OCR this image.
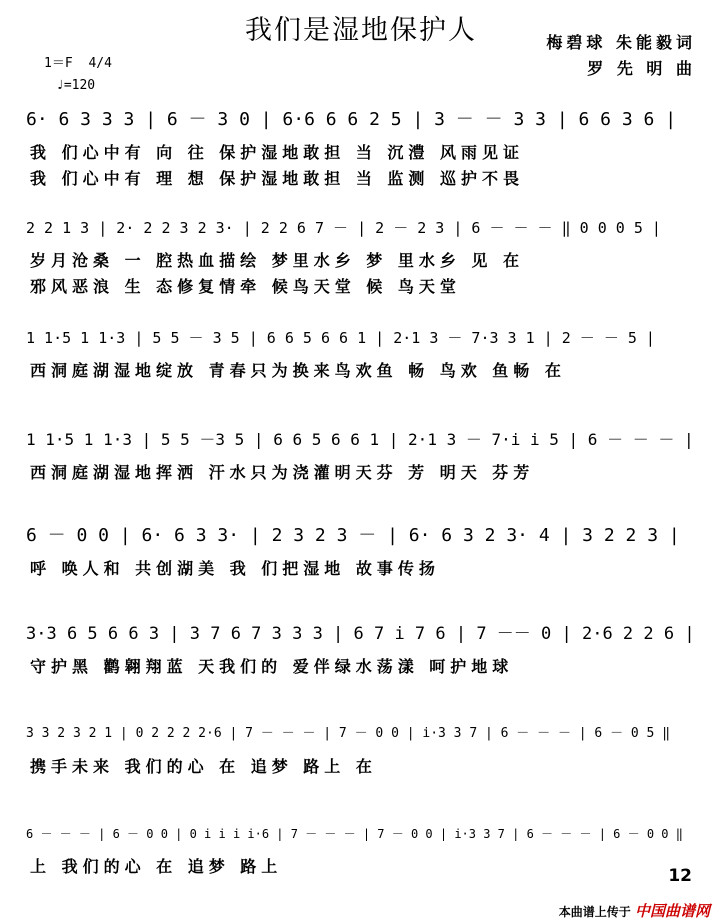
我们是湿地保护人	梅碧球 朱能毅词
罗 先 明 曲
1＝F 4/4
♩=120
6· 6 3 3 3 | 6 － 3 0 | 6·6 6 6 2 5 | 3 － － 3 3 | 6 6 3 6 |
我 们心中有 向 往 保护湿地敢担 当 沉澧 风雨见证
我 们心中有 理 想 保护湿地敢担 当 监测 巡护不畏
2 2 1 3 | 2· 2 2 3 2 3· | 2 2 6 7 － | 2 － 2 3 | 6 － － － ‖ 0 0 0 5 |
岁月沧桑 一 腔热血描绘 梦里水乡 梦 里水乡 见 在
邪风恶浪 生 态修复情牵 候鸟天堂 候 鸟天堂
1 1·5 1 1·3 | 5 5 － 3 5 | 6 6 5 6 6 1 | 2·1 3 － 7·3 3 1 | 2 － － 5 |
西洞庭湖湿地绽放 青春只为换来鸟欢鱼 畅 鸟欢 鱼畅 在
1 1·5 1 1·3 | 5 5 －3 5 | 6 6 5 6 6 1 | 2·1 3 － 7·i i 5 | 6 － － － |
西洞庭湖湿地挥洒 汗水只为浇灌明天芬 芳 明天 芬芳
6 － 0 0 | 6· 6 3 3· | 2 3 2 3 － | 6· 6 3 2 3· 4 | 3 2 2 3 |
呼 唤人和 共创湖美 我 们把湿地 故事传扬
3·3 6 5 6 6 3 | 3 7 6 7 3 3 3 | 6 7 i 7 6 | 7 －－ 0 | 2·6 2 2 6 |
守护黑 鹳翱翔蓝 天我们的 爱伴绿水荡漾 呵护地球
3 3 2 3 2 1 | 0 2 2 2 2·6 | 7 － － － | 7 － 0 0 | i·3 3 7 | 6 － － － | 6 － 0 5 ‖
携手未来 我们的心 在 追梦 路上 在
6 － － － | 6 － 0 0 | 0 i i i i·6 | 7 － － － | 7 － 0 0 | i·3 3 7 | 6 － － － | 6 － 0 0 ‖
上 我们的心 在 追梦 路上	12
本曲谱上传于 中国曲谱网
